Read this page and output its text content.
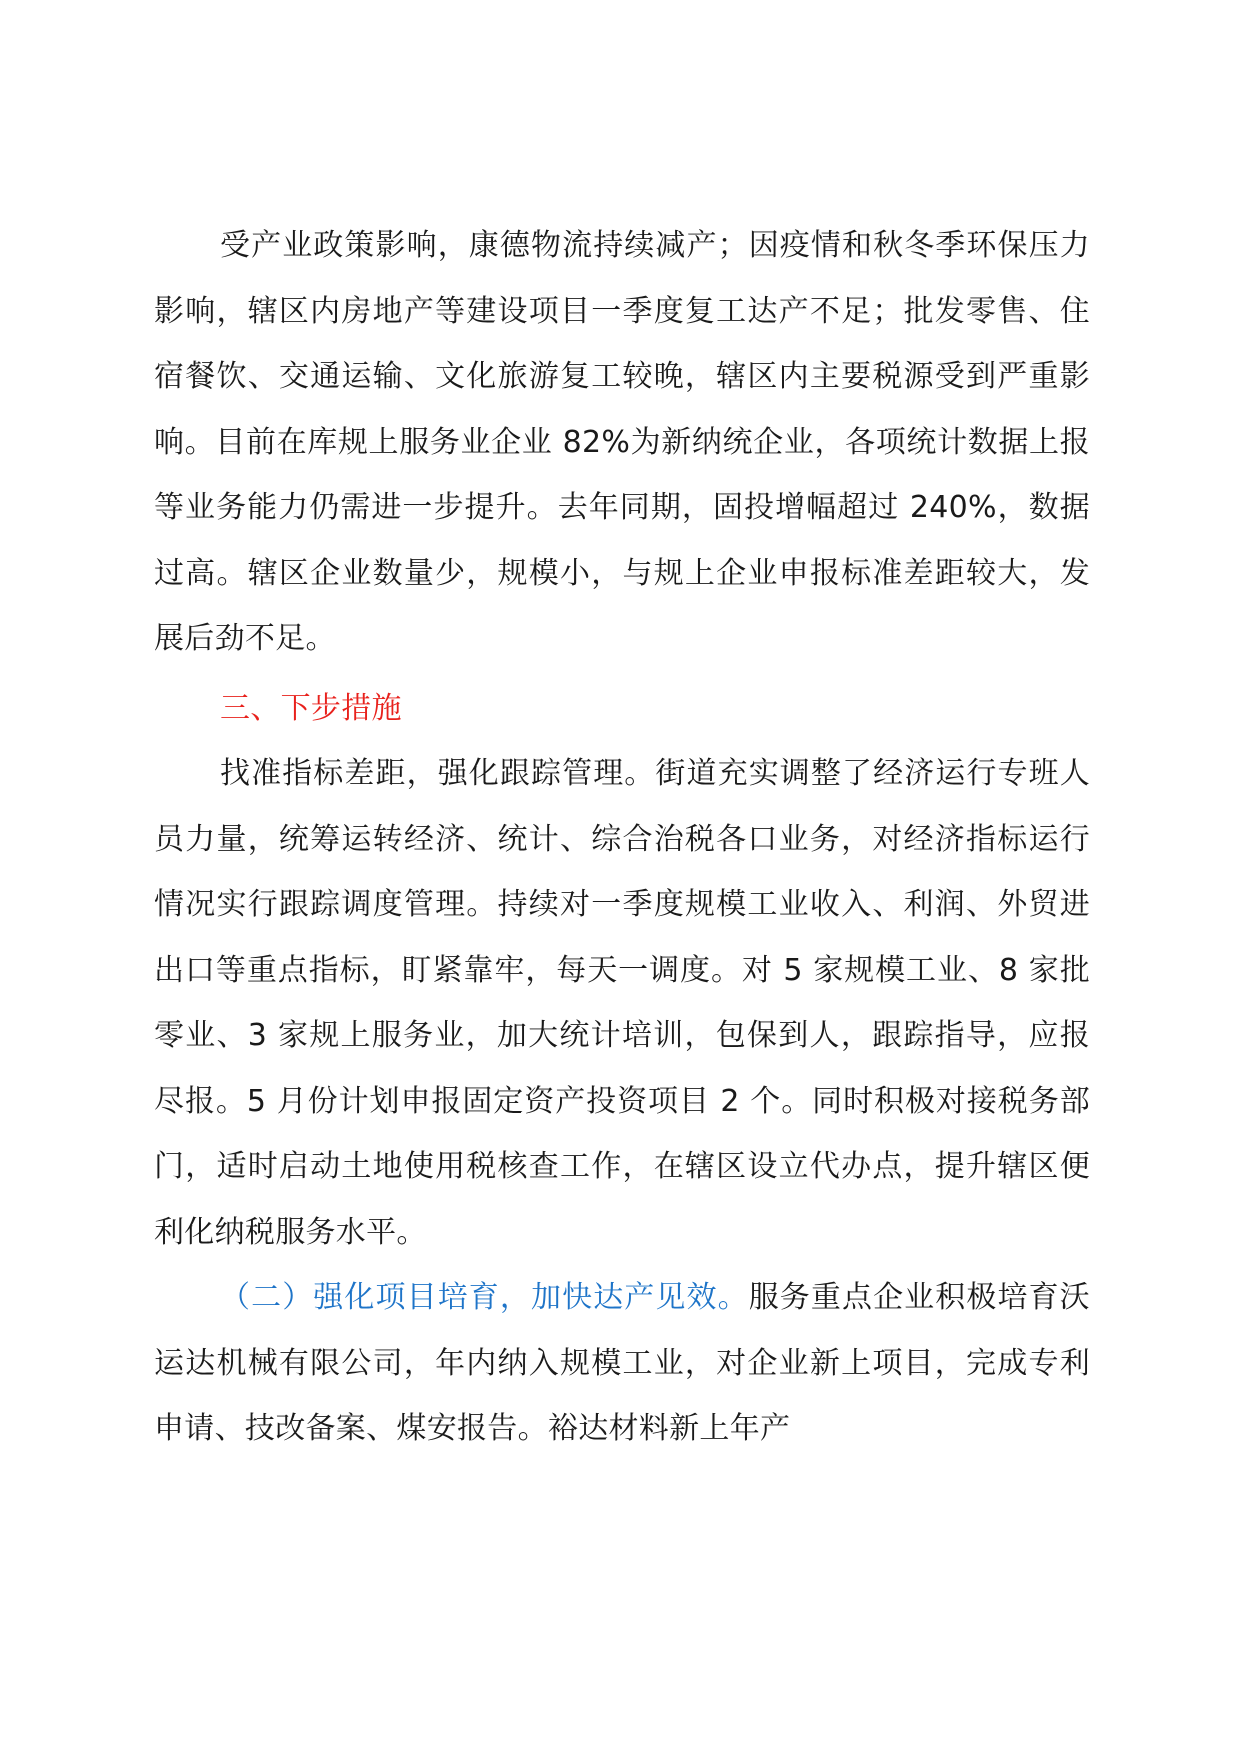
受产业政策影响，康德物流持续减产；因疫情和秋冬季环保压力影响，辖区内房地产等建设项目一季度复工达产不足；批发零售、住宿餐饮、交通运输、文化旅游复工较晚，辖区内主要税源受到严重影响。目前在库规上服务业企业 82%为新纳统企业，各项统计数据上报等业务能力仍需进一步提升。去年同期，固投增幅超过 240%，数据过高。辖区企业数量少，规模小，与规上企业申报标准差距较大，发展后劲不足。

三、下步措施

找准指标差距，强化跟踪管理。街道充实调整了经济运行专班人员力量，统筹运转经济、统计、综合治税各口业务，对经济指标运行情况实行跟踪调度管理。持续对一季度规模工业收入、利润、外贸进出口等重点指标，盯紧靠牢，每天一调度。对 5 家规模工业、8 家批零业、3 家规上服务业，加大统计培训，包保到人，跟踪指导，应报尽报。5 月份计划申报固定资产投资项目 2 个。同时积极对接税务部门，适时启动土地使用税核查工作，在辖区设立代办点，提升辖区便利化纳税服务水平。

（二）强化项目培育，加快达产见效。服务重点企业积极培育沃运达机械有限公司，年内纳入规模工业，对企业新上项目，完成专利申请、技改备案、煤安报告。裕达材料新上年产
